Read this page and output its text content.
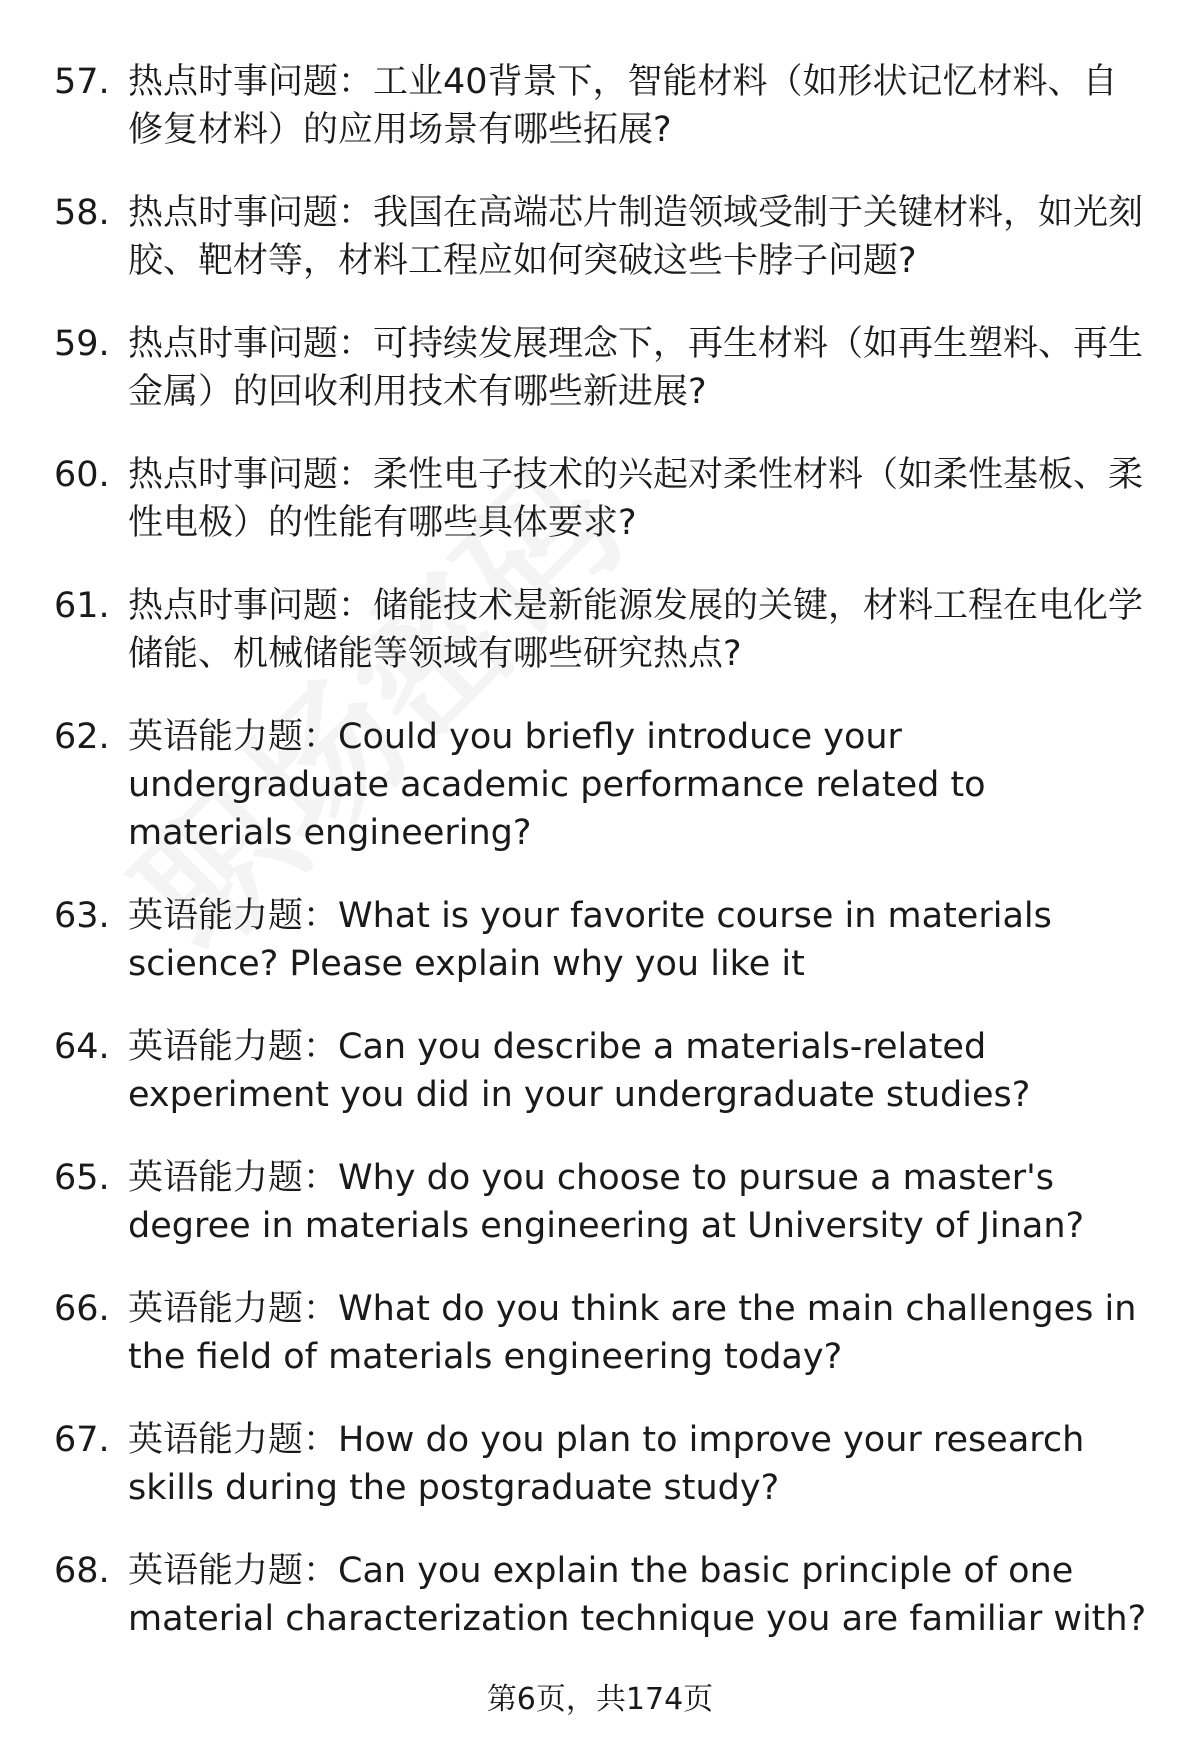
57. 热点时事问题：工业40背景下，智能材料（如形状记忆材料、自修复材料）的应用场景有哪些拓展?
58. 热点时事问题：我国在高端芯片制造领域受制于关键材料，如光刻胶、靶材等，材料工程应如何突破这些卡脖子问题?
59. 热点时事问题：可持续发展理念下，再生材料（如再生塑料、再生金属）的回收利用技术有哪些新进展?
60. 热点时事问题：柔性电子技术的兴起对柔性材料（如柔性基板、柔性电极）的性能有哪些具体要求?
61. 热点时事问题：储能技术是新能源发展的关键，材料工程在电化学储能、机械储能等领域有哪些研究热点?
62. 英语能力题：Could you briefly introduce your undergraduate academic performance related to materials engineering?
63. 英语能力题：What is your favorite course in materials science? Please explain why you like it
64. 英语能力题：Can you describe a materials-related experiment you did in your undergraduate studies?
65. 英语能力题：Why do you choose to pursue a master's degree in materials engineering at University of Jinan?
66. 英语能力题：What do you think are the main challenges in the field of materials engineering today?
67. 英语能力题：How do you plan to improve your research skills during the postgraduate study?
68. 英语能力题：Can you explain the basic principle of one material characterization technique you are familiar with?
第6页，共174页
